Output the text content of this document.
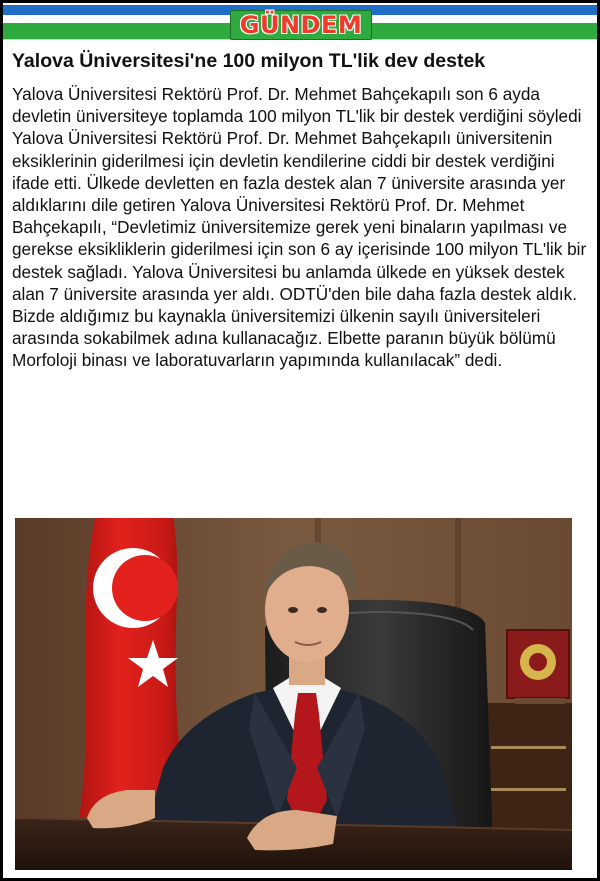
GÜNDEM
Yalova Üniversitesi'ne 100 milyon TL'lik dev destek

Yalova Üniversitesi Rektörü Prof. Dr. Mehmet Bahçekapılı son 6 ayda devletin üniversiteye toplamda 100 milyon TL'lik bir destek verdiğini söyledi

Yalova Üniversitesi Rektörü Prof. Dr. Mehmet Bahçekapılı üniversitenin eksiklerinin giderilmesi için devletin kendilerine ciddi bir destek verdiğini ifade etti. Ülkede devletten en fazla destek alan 7 üniversite arasında yer aldıklarını dile getiren Yalova Üniversitesi Rektörü Prof. Dr. Mehmet Bahçekapılı, “Devletimiz üniversitemize gerek yeni binaların yapılması ve gerekse eksikliklerin giderilmesi için son 6 ay içerisinde 100 milyon TL'lik bir destek sağladı. Yalova Üniversitesi bu anlamda ülkede en yüksek destek alan 7 üniversite arasında yer aldı. ODTÜ'den bile daha fazla destek aldık. Bizde aldığımız bu kaynakla üniversitemizi ülkenin sayılı üniversiteleri arasında sokabilmek adına kullanacağız. Elbette paranın büyük bölümü Morfoloji binası ve laboratuvarların yapımında kullanılacak” dedi.
